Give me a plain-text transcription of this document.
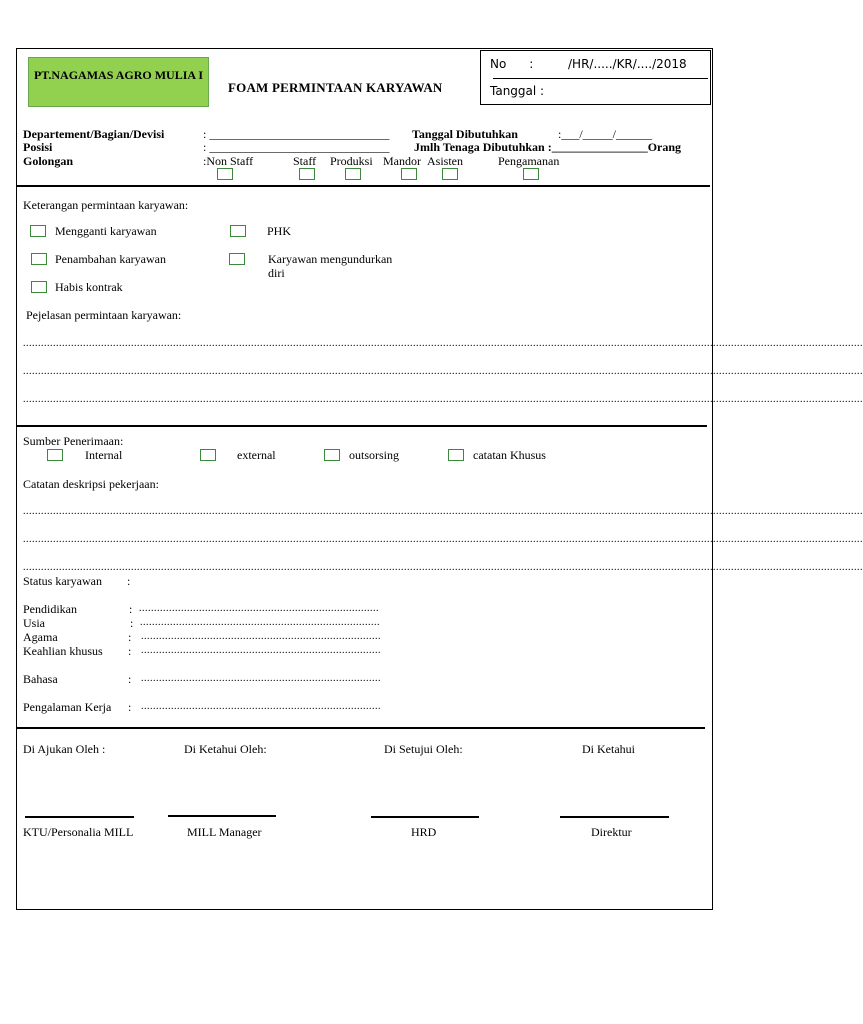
PT.NAGAMAS AGRO MULIA I
FOAM PERMINTAAN KARYAWAN
No :	/HR/...../KR/..../2018
Tanggal :
Departement/Bagian/Devisi	: ______________________________
Posisi	: ______________________________
Golongan	:Non Staff
Tanggal Dibutuhkan	:___/_____/______
Jmlh Tenaga Dibutuhkan :________________Orang
Staff Produksi Mandor Asisten	Pengamanan
Keterangan permintaan karyawan:
Mengganti karyawan	PHK
Penambahan karyawan	Karyawan mengundurkan
diri
Habis kontrak
Pejelasan permintaan karyawan:
........................................................................................................................................................................................................................................................................................
........................................................................................................................................................................................................................................................................................
........................................................................................................................................................................................................................................................................................
Sumber Penerimaan:
Internal	external	outsorsing	catatan Khusus
Catatan deskripsi pekerjaan:
........................................................................................................................................................................................................................................................................................
........................................................................................................................................................................................................................................................................................
........................................................................................................................................................................................................................................................................................
Status karyawan :
Pendidikan	: ................................................................................
Usia	: ................................................................................
Agama	: ................................................................................
Keahlian khusus : ................................................................................
Bahasa	: ................................................................................
Pengalaman Kerja : ................................................................................
Di Ajukan Oleh :	Di Ketahui Oleh:	Di Setujui Oleh:	Di Ketahui
KTU/Personalia MILL	MILL Manager	HRD	Direktur
